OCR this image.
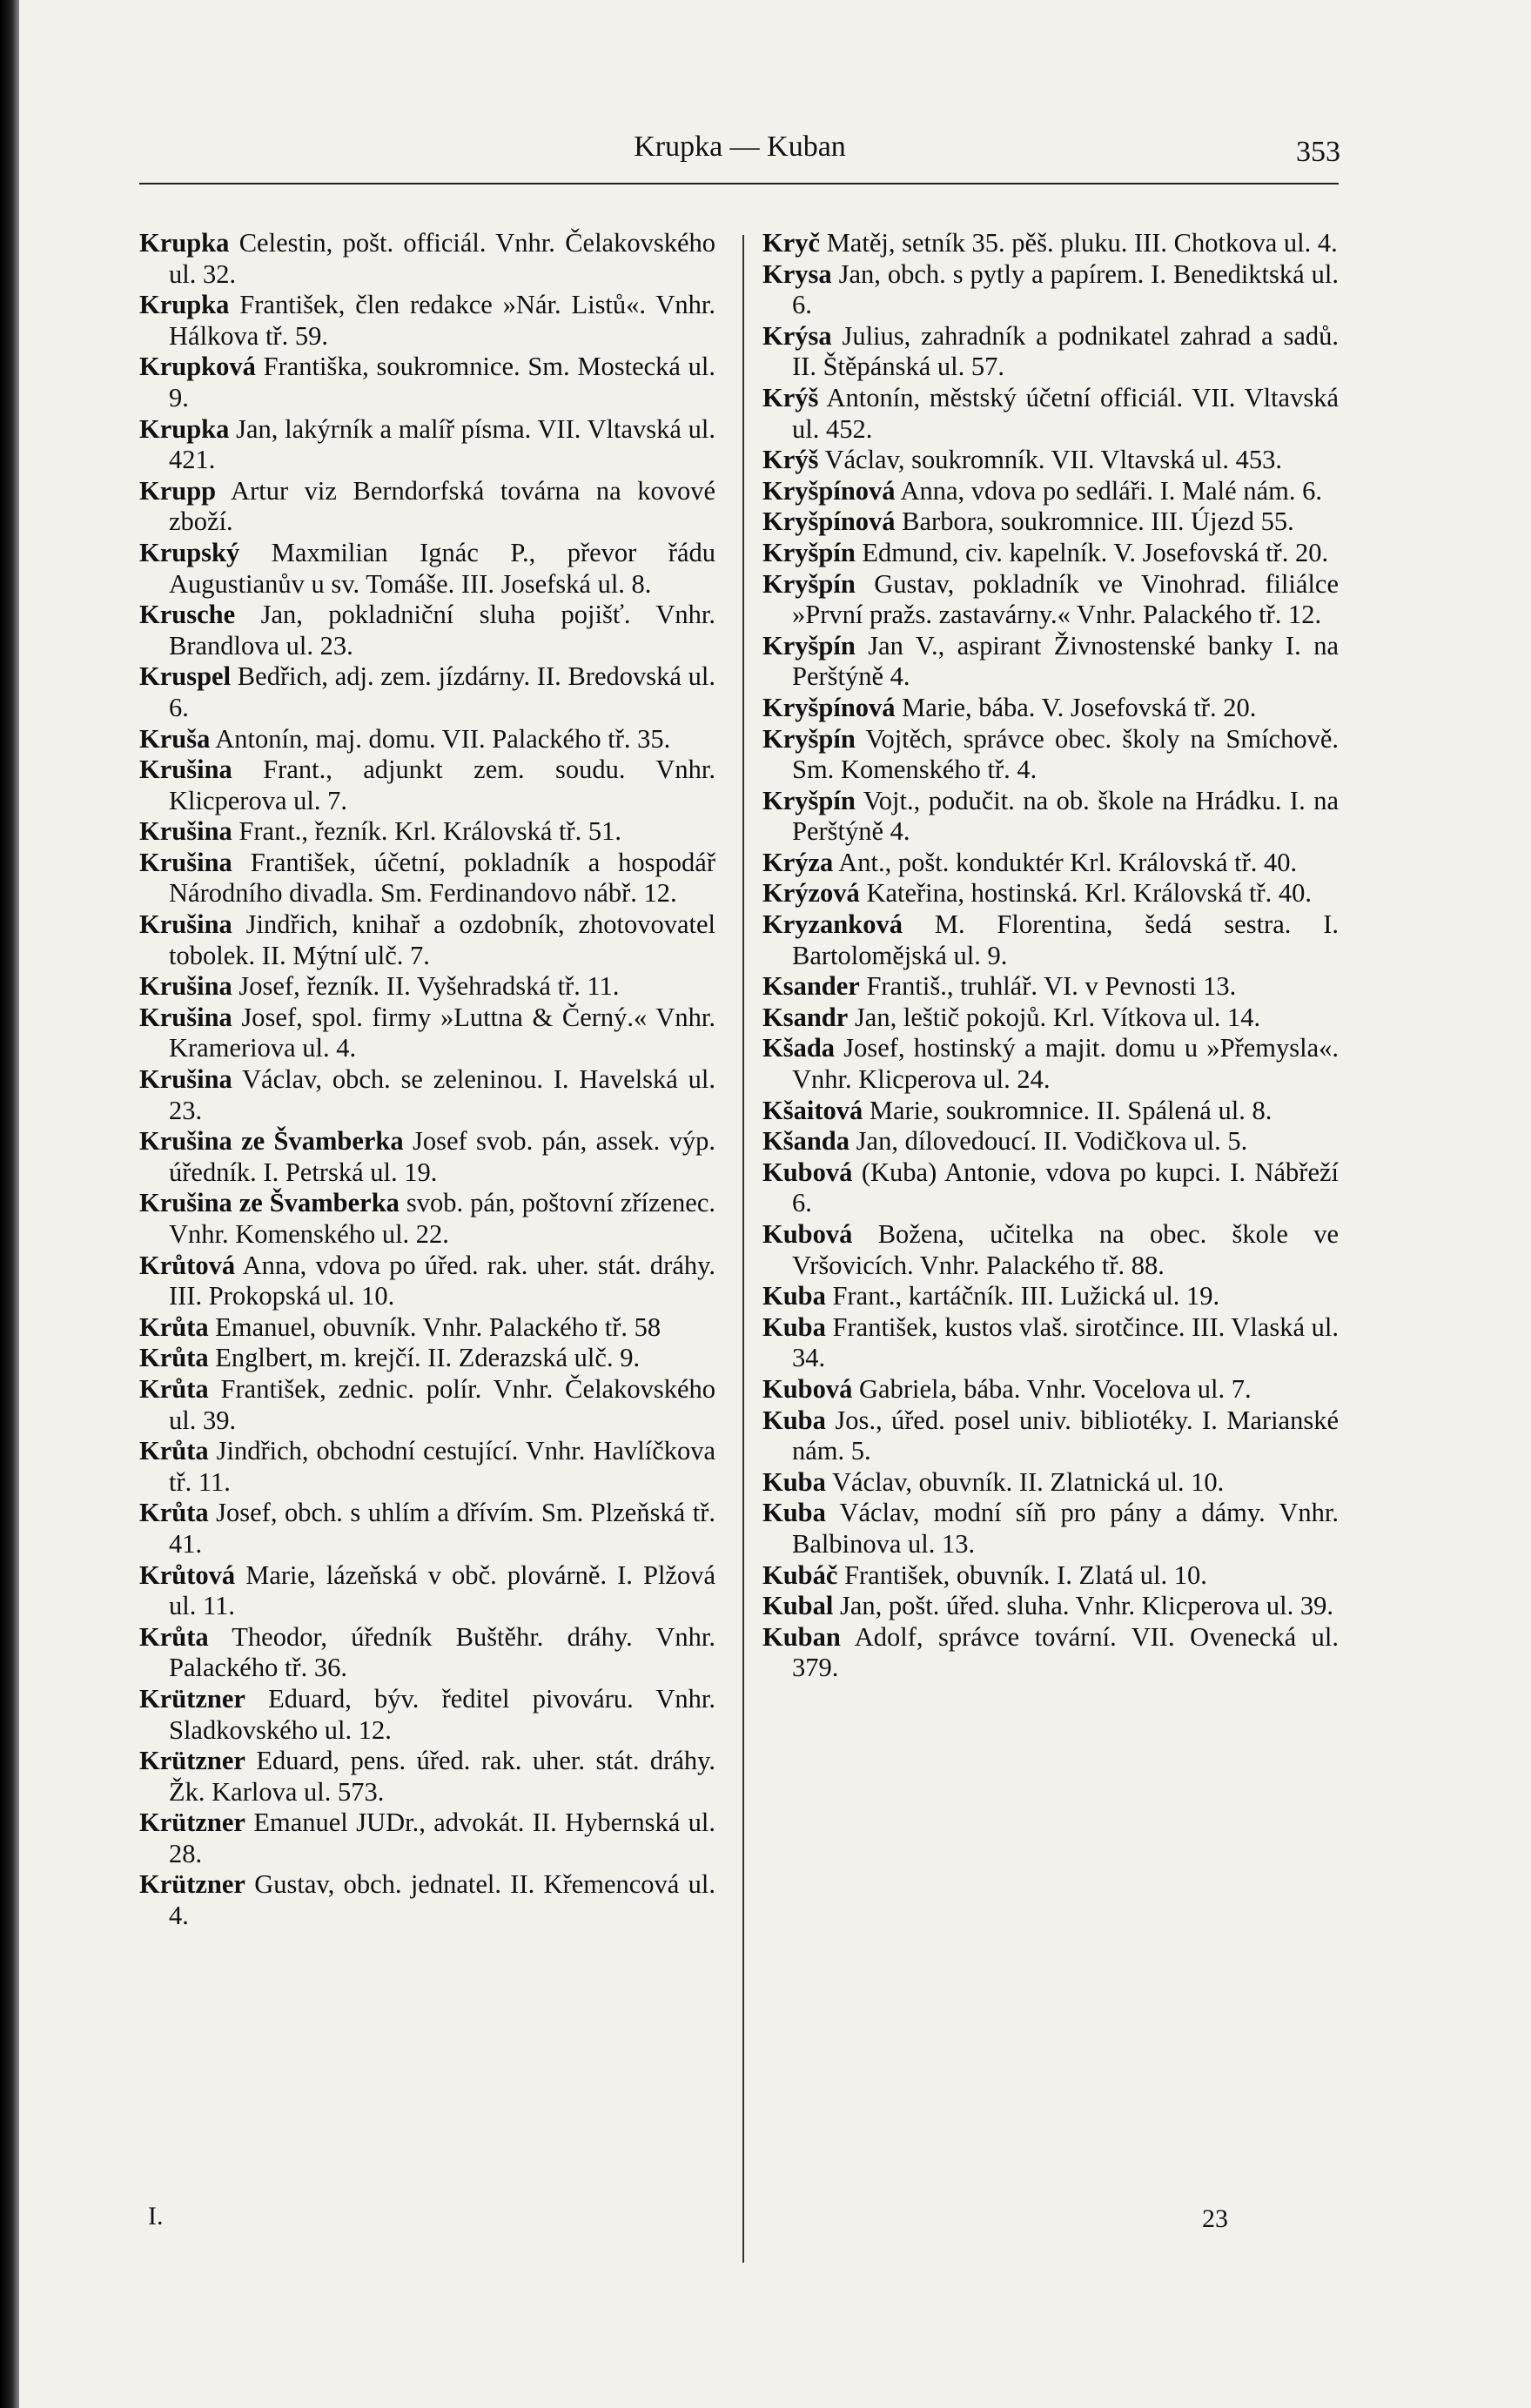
Krupka — Kuban	353

Krupka Celestin, pošt. officiál. Vnhr. Čelakovského ul. 32.

Krupka František, člen redakce »Nár. Listů«. Vnhr. Hálkova tř. 59.

Krupková Františka, soukromnice. Sm. Mostecká ul. 9.

Krupka Jan, lakýrník a malíř písma. VII. Vltavská ul. 421.

Krupp Artur viz Berndorfská továrna na kovové zboží.

Krupský Maxmilian Ignác P., převor řádu Augustianův u sv. Tomáše. III. Josefská ul. 8.

Krusche Jan, pokladniční sluha pojišť. Vnhr. Brandlova ul. 23.

Kruspel Bedřich, adj. zem. jízdárny. II. Bredovská ul. 6.

Kruša Antonín, maj. domu. VII. Palackého tř. 35.

Krušina Frant., adjunkt zem. soudu. Vnhr. Klicperova ul. 7.

Krušina Frant., řezník. Krl. Královská tř. 51.

Krušina František, účetní, pokladník a hospodář Národního divadla. Sm. Ferdinandovo nábř. 12.

Krušina Jindřich, knihař a ozdobník, zhotovovatel tobolek. II. Mýtní ulč. 7.

Krušina Josef, řezník. II. Vyšehradská tř. 11.

Krušina Josef, spol. firmy »Luttna & Černý.« Vnhr. Krameriova ul. 4.

Krušina Václav, obch. se zeleninou. I. Havelská ul. 23.

Krušina ze Švamberka Josef svob. pán, assek. výp. úředník. I. Petrská ul. 19.

Krušina ze Švamberka svob. pán, poštovní zřízenec. Vnhr. Komenského ul. 22.

Krůtová Anna, vdova po úřed. rak. uher. stát. dráhy. III. Prokopská ul. 10.

Krůta Emanuel, obuvník. Vnhr. Palackého tř. 58

Krůta Englbert, m. krejčí. II. Zderazská ulč. 9.

Krůta František, zednic. polír. Vnhr. Čelakovského ul. 39.

Krůta Jindřich, obchodní cestující. Vnhr. Havlíčkova tř. 11.

Krůta Josef, obch. s uhlím a dřívím. Sm. Plzeňská tř. 41.

Krůtová Marie, lázeňská v obč. plovárně. I. Plžová ul. 11.

Krůta Theodor, úředník Buštěhr. dráhy. Vnhr. Palackého tř. 36.

Krützner Eduard, býv. ředitel pivováru. Vnhr. Sladkovského ul. 12.

Krützner Eduard, pens. úřed. rak. uher. stát. dráhy. Žk. Karlova ul. 573.

Krützner Emanuel JUDr., advokát. II. Hybernská ul. 28.

Krützner Gustav, obch. jednatel. II. Křemencová ul. 4.

Kryč Matěj, setník 35. pěš. pluku. III. Chotkova ul. 4.

Krysa Jan, obch. s pytly a papírem. I. Benediktská ul. 6.

Krýsa Julius, zahradník a podnikatel zahrad a sadů. II. Štěpánská ul. 57.

Krýš Antonín, městský účetní officiál. VII. Vltavská ul. 452.

Krýš Václav, soukromník. VII. Vltavská ul. 453.

Kryšpínová Anna, vdova po sedláři. I. Malé nám. 6.

Kryšpínová Barbora, soukromnice. III. Újezd 55.

Kryšpín Edmund, civ. kapelník. V. Josefovská tř. 20.

Kryšpín Gustav, pokladník ve Vinohrad. filiálce »První pražs. zastavárny.« Vnhr. Palackého tř. 12.

Kryšpín Jan V., aspirant Živnostenské banky I. na Perštýně 4.

Kryšpínová Marie, bába. V. Josefovská tř. 20.

Kryšpín Vojtěch, správce obec. školy na Smíchově. Sm. Komenského tř. 4.

Kryšpín Vojt., podučit. na ob. škole na Hrádku. I. na Perštýně 4.

Krýza Ant., pošt. konduktér Krl. Královská tř. 40.

Krýzová Kateřina, hostinská. Krl. Královská tř. 40.

Kryzanková M. Florentina, šedá sestra. I. Bartolomějská ul. 9.

Ksander Františ., truhlář. VI. v Pevnosti 13.

Ksandr Jan, leštič pokojů. Krl. Vítkova ul. 14.

Kšada Josef, hostinský a majit. domu u »Přemysla«. Vnhr. Klicperova ul. 24.

Kšaitová Marie, soukromnice. II. Spálená ul. 8.

Kšanda Jan, dílovedoucí. II. Vodičkova ul. 5.

Kubová (Kuba) Antonie, vdova po kupci. I. Nábřeží 6.

Kubová Božena, učitelka na obec. škole ve Vršovicích. Vnhr. Palackého tř. 88.

Kuba Frant., kartáčník. III. Lužická ul. 19.

Kuba František, kustos vlaš. sirotčince. III. Vlaská ul. 34.

Kubová Gabriela, bába. Vnhr. Vocelova ul. 7.

Kuba Jos., úřed. posel univ. bibliotéky. I. Marianské nám. 5.

Kuba Václav, obuvník. II. Zlatnická ul. 10.

Kuba Václav, modní síň pro pány a dámy. Vnhr. Balbinova ul. 13.

Kubáč František, obuvník. I. Zlatá ul. 10.

Kubal Jan, pošt. úřed. sluha. Vnhr. Klicperova ul. 39.

Kuban Adolf, správce tovární. VII. Ovenecká ul. 379.

I.	23
